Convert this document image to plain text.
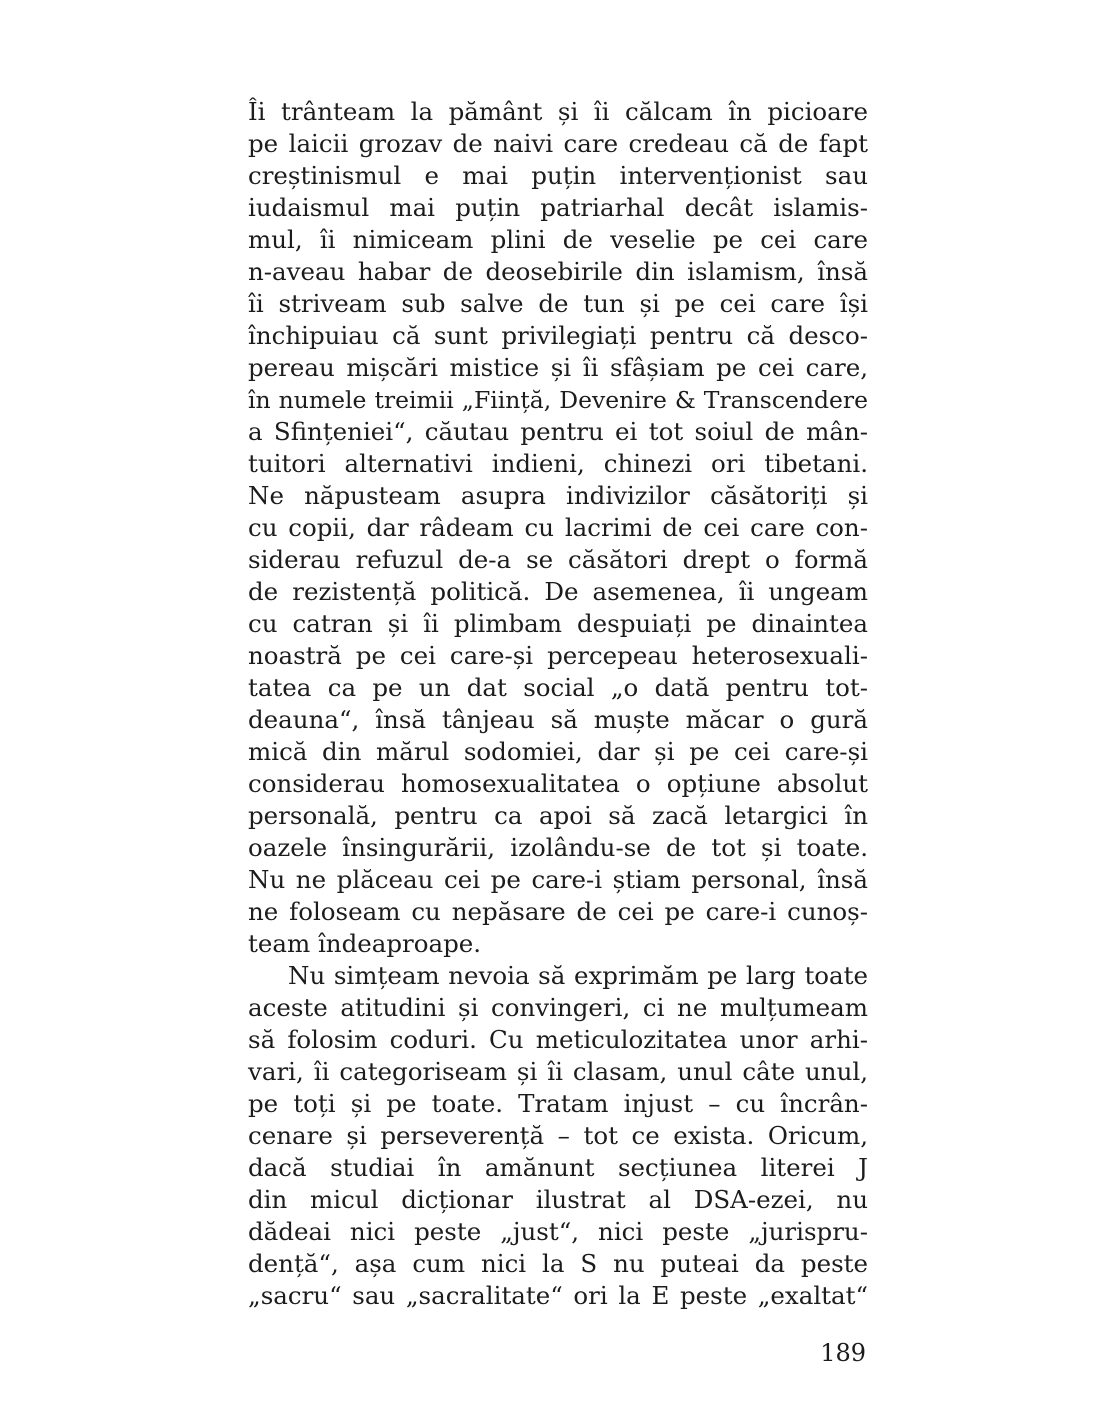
Îi trânteam la pământ și îi călcam în picioare
pe laicii grozav de naivi care credeau că de fapt
creștinismul e mai puțin intervenționist sau
iudaismul mai puțin patriarhal decât islamis-
mul, îi nimiceam plini de veselie pe cei care
n-aveau habar de deosebirile din islamism, însă
îi striveam sub salve de tun și pe cei care își
închipuiau că sunt privilegiați pentru că desco-
pereau mișcări mistice și îi sfâșiam pe cei care,
în numele treimii „Ființă, Devenire & Transcendere
a Sfințeniei“, căutau pentru ei tot soiul de mân-
tuitori alternativi indieni, chinezi ori tibetani.
Ne năpusteam asupra indivizilor căsătoriți și
cu copii, dar râdeam cu lacrimi de cei care con-
siderau refuzul de-a se căsători drept o formă
de rezistență politică. De asemenea, îi ungeam
cu catran și îi plimbam despuiați pe dinaintea
noastră pe cei care-și percepeau heterosexuali-
tatea ca pe un dat social „o dată pentru tot-
deauna“, însă tânjeau să muște măcar o gură
mică din mărul sodomiei, dar și pe cei care-și
considerau homosexualitatea o opțiune absolut
personală, pentru ca apoi să zacă letargici în
oazele însingurării, izolându-se de tot și toate.
Nu ne plăceau cei pe care-i știam personal, însă
ne foloseam cu nepăsare de cei pe care-i cunoș-
team îndeaproape.
Nu simțeam nevoia să exprimăm pe larg toate
aceste atitudini și convingeri, ci ne mulțumeam
să folosim coduri. Cu meticulozitatea unor arhi-
vari, îi categoriseam și îi clasam, unul câte unul,
pe toți și pe toate. Tratam injust – cu încrân-
cenare și perseverență – tot ce exista. Oricum,
dacă studiai în amănunt secțiunea literei J
din micul dicționar ilustrat al DSA-ezei, nu
dădeai nici peste „just“, nici peste „jurispru-
dență“, așa cum nici la S nu puteai da peste
„sacru“ sau „sacralitate“ ori la E peste „exaltat“
189
